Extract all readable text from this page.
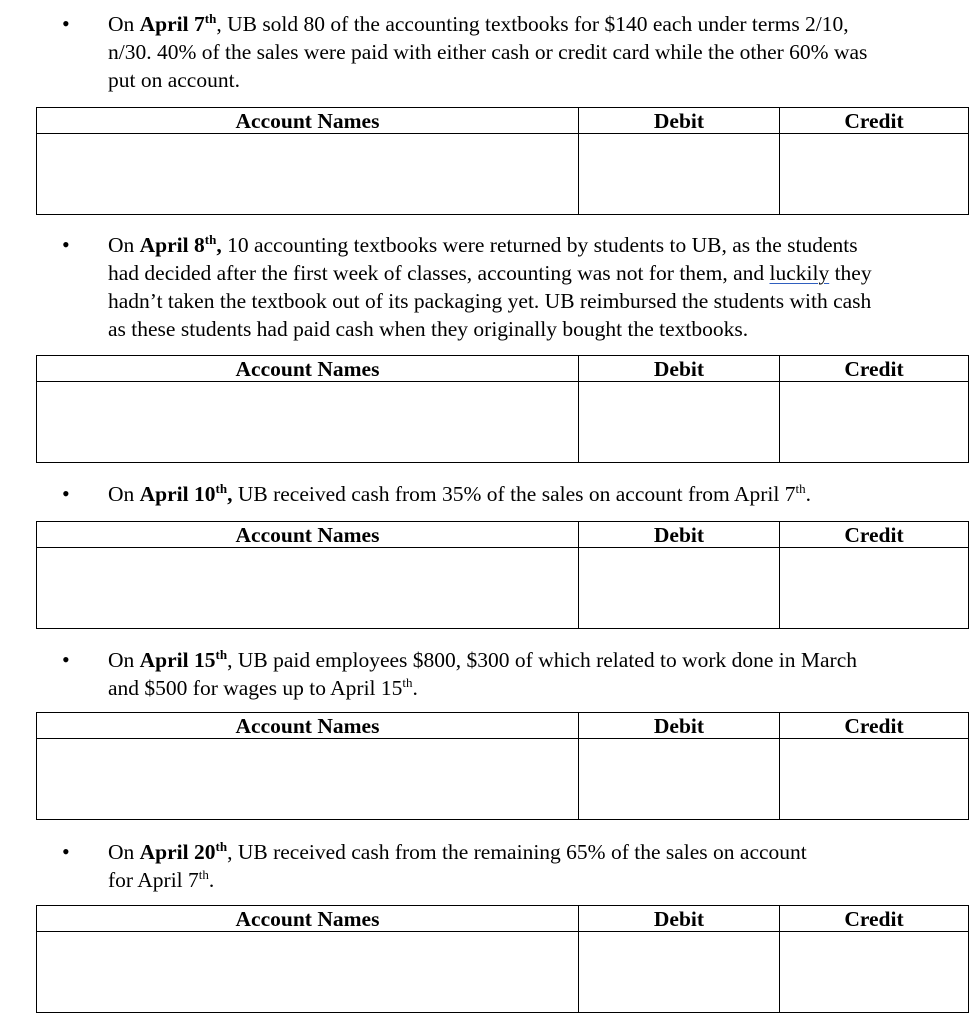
• On April 7th, UB sold 80 of the accounting textbooks for $140 each under terms 2/10,
n/30. 40% of the sales were paid with either cash or credit card while the other 60% was
put on account.

Account Names	Debit	Credit

• On April 8th, 10 accounting textbooks were returned by students to UB, as the students
had decided after the first week of classes, accounting was not for them, and luckily they
hadn’t taken the textbook out of its packaging yet. UB reimbursed the students with cash
as these students had paid cash when they originally bought the textbooks.

Account Names	Debit	Credit

• On April 10th, UB received cash from 35% of the sales on account from April 7th.

Account Names	Debit	Credit

• On April 15th, UB paid employees $800, $300 of which related to work done in March
and $500 for wages up to April 15th.

Account Names	Debit	Credit

• On April 20th, UB received cash from the remaining 65% of the sales on account
for April 7th.

Account Names	Debit	Credit
